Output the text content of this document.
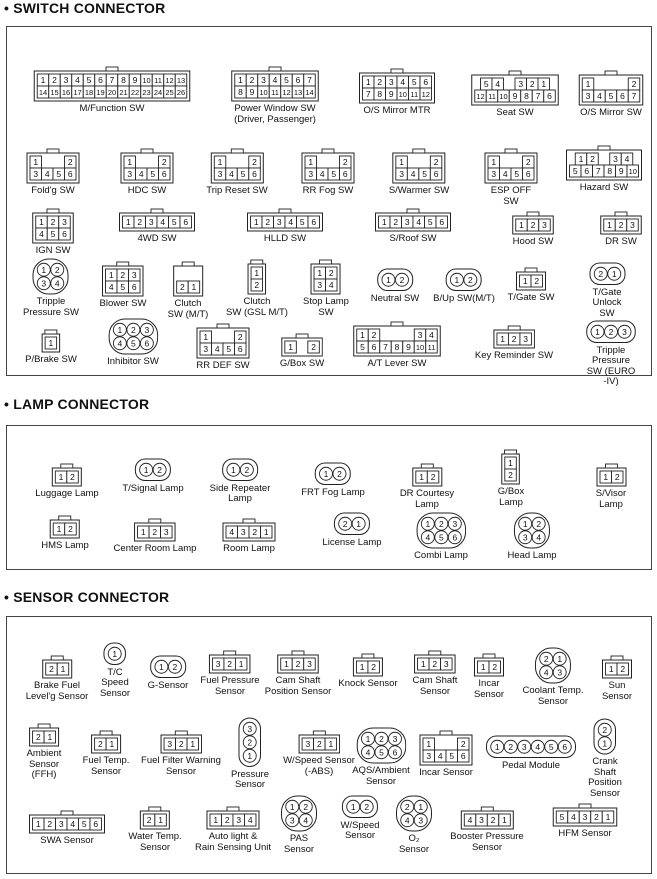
• SWITCH CONNECTOR
1 2 3 4 5 6 7 8 9 10 11 12 13
14 15 16 17 18 19 20 21 22 23 24 25 26
M/Function SW
1 2 3 4 5 6 7
8 9 10 11 12 13 14
Power Window SW
(Driver, Passenger)
1 2 3 4 5 6
7 8 9 10 11 12
O/S Mirror MTR
5 4 3 2 1
12 11 10 9 8 7 6
Seat SW
1	2
3 4 5 6 7
O/S Mirror SW
1	2
3 4 5 6
Fold'g SW
1	2
3 4 5 6
HDC SW
1	2
3 4 5 6
Trip Reset SW
1	2
3 4 5 6
RR Fog SW
1	2
3 4 5 6
S/Warmer SW
1	2
3 4 5 6
ESP OFF
SW
1 2 3 4
5 6 7 8 9 10
Hazard SW
1 2 3
4 5 6
IGN SW
1 2 3 4 5 6
4WD SW
1 2 3 4 5 6
HLLD SW
1 2 3 4 5 6
S/Roof SW
1 2 3
Hood SW
1 2 3
DR SW
1 2
3 4
Tripple
Pressure SW
1 2 3
4 5 6
Blower SW
2 1
Clutch
SW (M/T)
1
2
Clutch
SW (GSL M/T)
1 2
3 4
Stop Lamp
SW
1 2
Neutral SW
1 2
B/Up SW(M/T)
1 2
T/Gate SW
2 1
T/Gate Unlock SW
1
P/Brake SW
1 2 3
4 5 6
Inhibitor SW
1	2
3 4 5 6
RR DEF SW
1 2
G/Box SW
1 2	3 4
5 6 7 8 9 10 11
A/T Lever SW
1 2 3
Key Reminder SW
1 2 3
Tripple Pressure
SW (EURO -IV)
• LAMP CONNECTOR
1 2
Luggage Lamp
1 2
T/Signal Lamp
1 2
Side Repeater
Lamp
1 2
FRT Fog Lamp
1 2
DR Courtesy
Lamp
1
2
G/Box
Lamp
1 2
S/Visor Lamp
1 2
HMS Lamp
1 2 3
Center Room Lamp
4 3 2 1
Room Lamp
2 1
License Lamp
1 2 3
4 5 6
Combi Lamp
1 2
3 4
Head Lamp
• SENSOR CONNECTOR
2 1
Brake Fuel
Level'g Sensor
1
T/C
Speed
Sensor
1 2
G-Sensor
3 2 1
Fuel Pressure
Sensor
1 2 3
Cam Shaft
Position Sensor
1 2
Knock Sensor
1 2 3
Cam Shaft
Sensor
1 2
Incar
Sensor
2 1
4 3
Coolant Temp.
Sensor
1 2
Sun
Sensor
2 1
Ambient
Sensor
(FFH)
2 1
Fuel Temp.
Sensor
3 2 1
Fuel Filter Warning
Sensor
3
2
1
Pressure
Sensor
3 2 1
W/Speed Sensor
(-ABS)
1 2 3
4 5 6
AQS/Ambient
Sensor
1	2
3 4 5 6
Incar Sensor
1 2 3 4 5 6
Pedal Module
2
1
Crank Shaft
Position Sensor
1 2 3 4 5 6
SWA Sensor
2 1
Water Temp.
Sensor
1 2 3 4
Auto light &
Rain Sensing Unit
1 2
3 4
PAS
Sensor
1 2
W/Speed
Sensor
2 1
4 3
O₂
Sensor
4 3 2 1
Booster Pressure
Sensor
5 4 3 2 1
HFM Sensor
